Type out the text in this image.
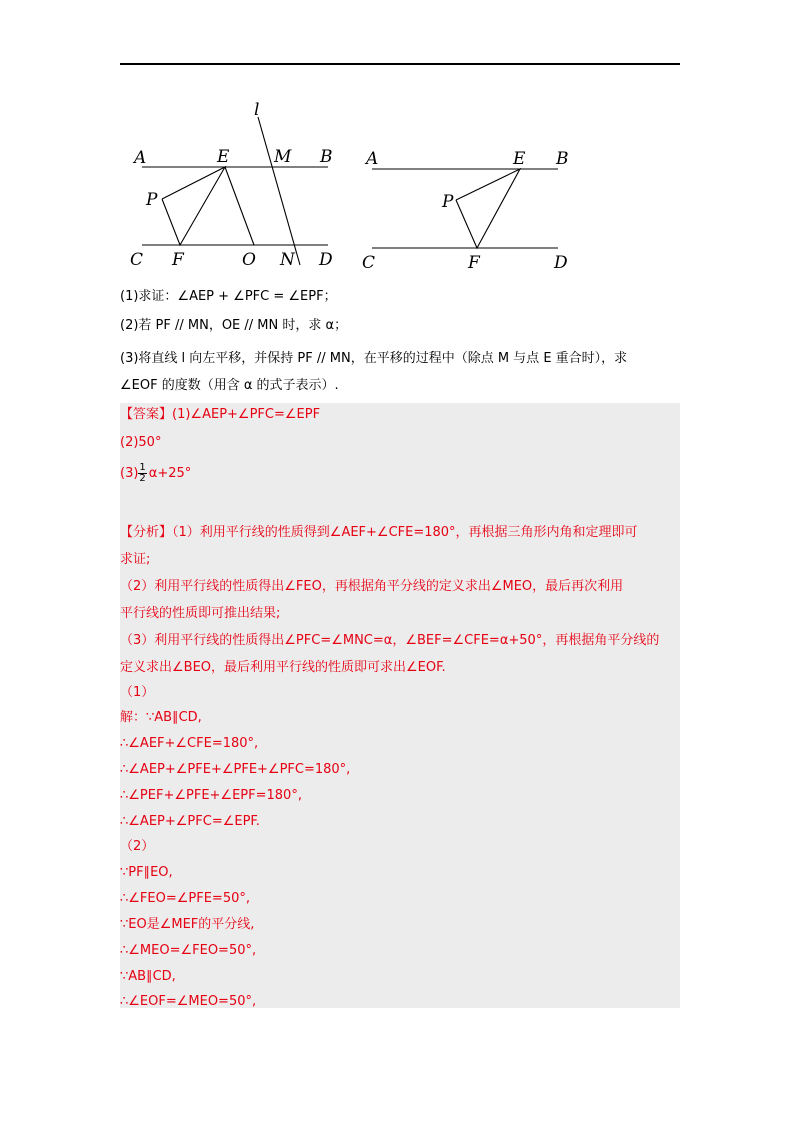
l
A	E	M B
P
C F	O N D
A	E B
P
C	F	D
(1)求证：∠AEP + ∠PFC = ∠EPF；
(2)若 PF // MN，OE // MN 时，求 α；
(3)将直线 l 向左平移，并保持 PF // MN，在平移的过程中（除点 M 与点 E 重合时），求
∠EOF 的度数（用含 α 的式子表示）.
【答案】(1)∠AEP+∠PFC=∠EPF
(2)50°
$(3) \frac{1}{2} \alpha+25^\circ$
【分析】（1）利用平行线的性质得到∠AEF+∠CFE=180°，再根据三角形内角和定理即可
求证;
（2）利用平行线的性质得出∠FEO，再根据角平分线的定义求出∠MEO，最后再次利用
平行线的性质即可推出结果;
（3）利用平行线的性质得出∠PFC=∠MNC=α，∠BEF=∠CFE=α+50°，再根据角平分线的
定义求出∠BEO，最后利用平行线的性质即可求出∠EOF.
（1）
解：∵AB∥CD,
∴∠AEF+∠CFE=180°,
∴∠AEP+∠PFE+∠PFE+∠PFC=180°,
∴∠PEF+∠PFE+∠EPF=180°,
∴∠AEP+∠PFC=∠EPF.
（2）
∵PF∥EO,
∴∠FEO=∠PFE=50°,
∵EO是∠MEF的平分线,
∴∠MEO=∠FEO=50°,
∵AB∥CD,
∴∠EOF=∠MEO=50°,
